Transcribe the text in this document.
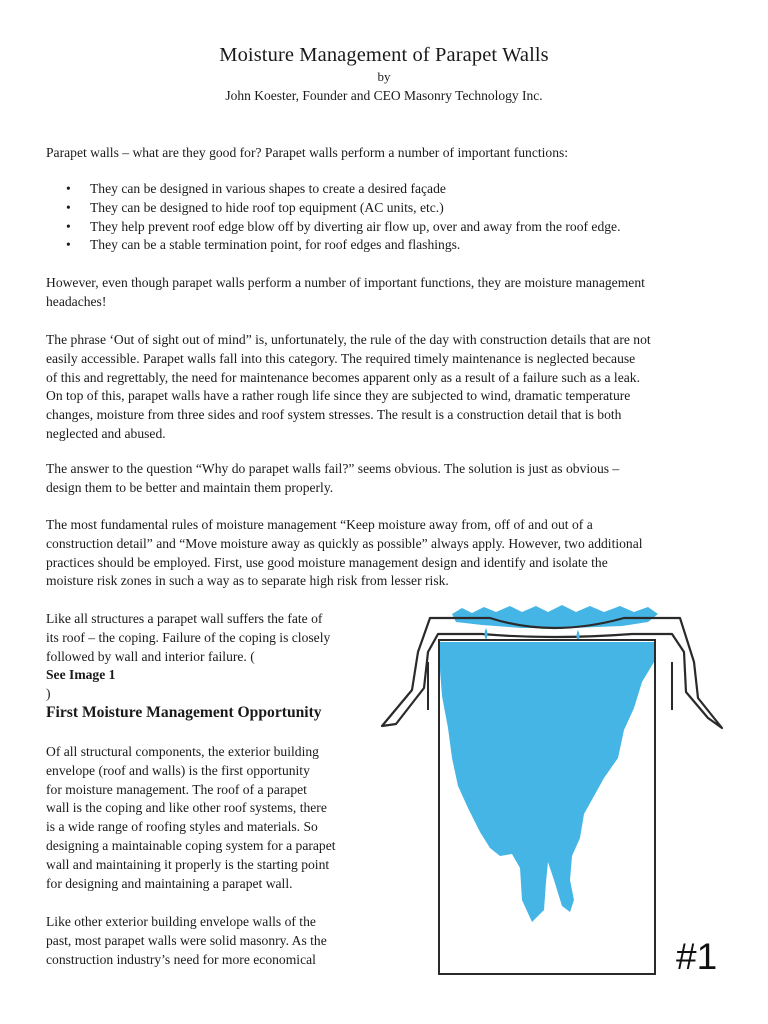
Moisture Management of Parapet Walls
by
John Koester, Founder and CEO Masonry Technology Inc.

Parapet walls – what are they good for? Parapet walls perform a number of important functions:

• They can be designed in various shapes to create a desired façade
• They can be designed to hide roof top equipment (AC units, etc.)
• They help prevent roof edge blow off by diverting air flow up, over and away from the roof edge.
• They can be a stable termination point, for roof edges and flashings.
However, even though parapet walls perform a number of important functions, they are moisture management
headaches!
The phrase ‘Out of sight out of mind” is, unfortunately, the rule of the day with construction details that are not
easily accessible. Parapet walls fall into this category. The required timely maintenance is neglected because
of this and regrettably, the need for maintenance becomes apparent only as a result of a failure such as a leak.
On top of this, parapet walls have a rather rough life since they are subjected to wind, dramatic temperature
changes, moisture from three sides and roof system stresses. The result is a construction detail that is both
neglected and abused.
The answer to the question “Why do parapet walls fail?” seems obvious. The solution is just as obvious –
design them to be better and maintain them properly.
The most fundamental rules of moisture management “Keep moisture away from, off of and out of a
construction detail” and “Move moisture away as quickly as possible” always apply. However, two additional
practices should be employed. First, use good moisture management design and identify and isolate the
moisture risk zones in such a way as to separate high risk from lesser risk.
Like all structures a parapet wall suffers the fate of
its roof – the coping. Failure of the coping is closely
followed by wall and interior failure. (
See Image 1
)
First Moisture Management Opportunity
Of all structural components, the exterior building
envelope (roof and walls) is the first opportunity
for moisture management. The roof of a parapet
wall is the coping and like other roof systems, there
is a wide range of roofing styles and materials. So
designing a maintainable coping system for a parapet
wall and maintaining it properly is the starting point
for designing and maintaining a parapet wall.
Like other exterior building envelope walls of the
past, most parapet walls were solid masonry. As the
construction industry’s need for more economical	#1
